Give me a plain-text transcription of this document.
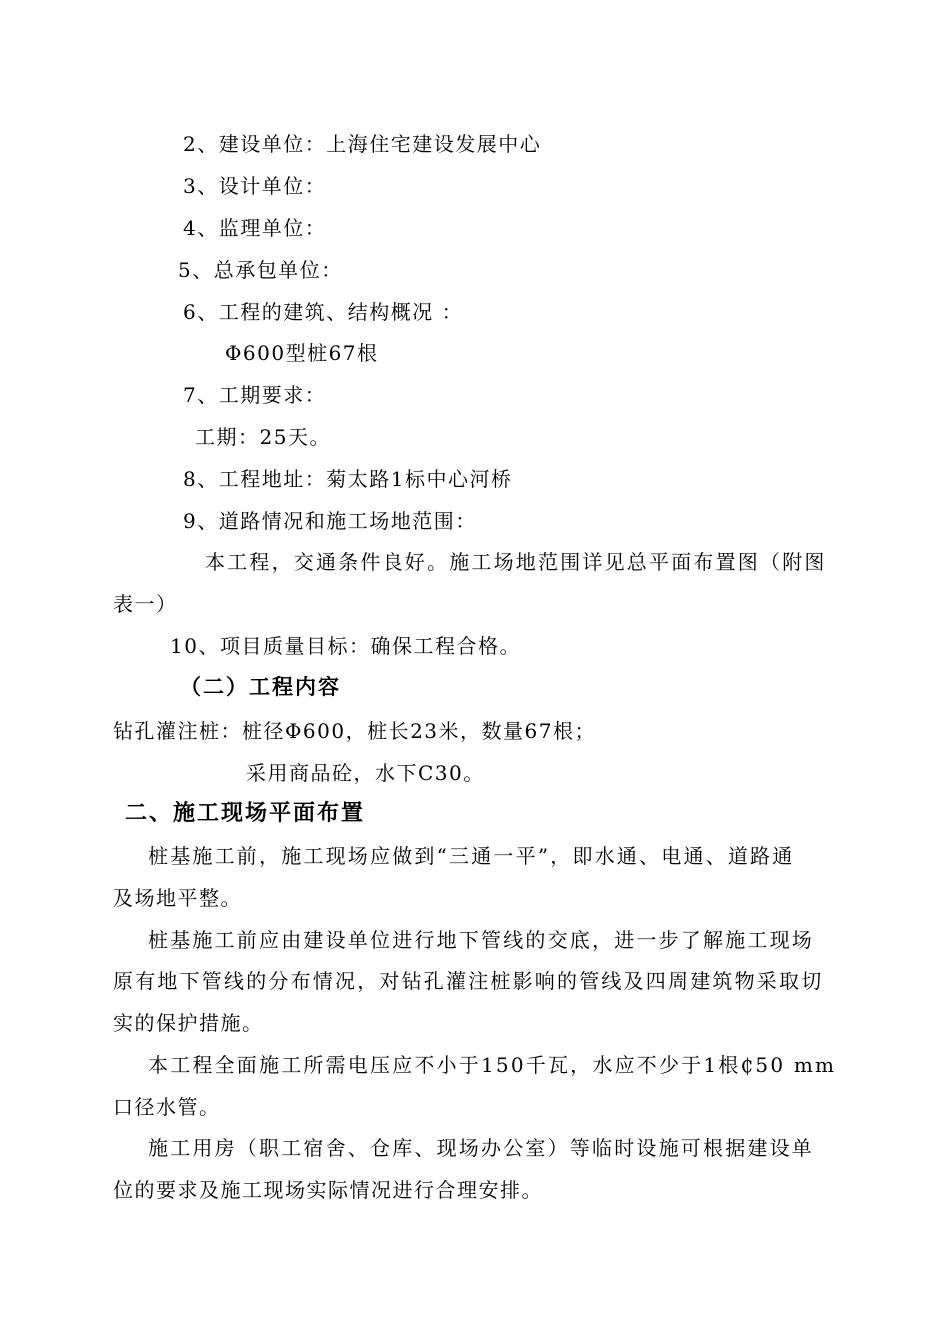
2、建设单位：上海住宅建设发展中心
3、设计单位：
4、监理单位：
5、总承包单位：
6、工程的建筑、结构概况 ：
Φ600型桩67根
7、工期要求：
工期：25天。
8、工程地址：菊太路1标中心河桥
9、道路情况和施工场地范围：
本工程，交通条件良好。施工场地范围详见总平面布置图（附图
表一）
10、项目质量目标：确保工程合格。
（二）工程内容
钻孔灌注桩：桩径Φ600，桩长23米，数量67根；
采用商品砼，水下C30。
二、施工现场平面布置
桩基施工前，施工现场应做到“三通一平”，即水通、电通、道路通
及场地平整。
桩基施工前应由建设单位进行地下管线的交底，进一步了解施工现场
原有地下管线的分布情况，对钻孔灌注桩影响的管线及四周建筑物采取切
实的保护措施。
本工程全面施工所需电压应不小于150千瓦，水应不少于1根₵50 mm
口径水管。
施工用房（职工宿舍、仓库、现场办公室）等临时设施可根据建设单
位的要求及施工现场实际情况进行合理安排。
